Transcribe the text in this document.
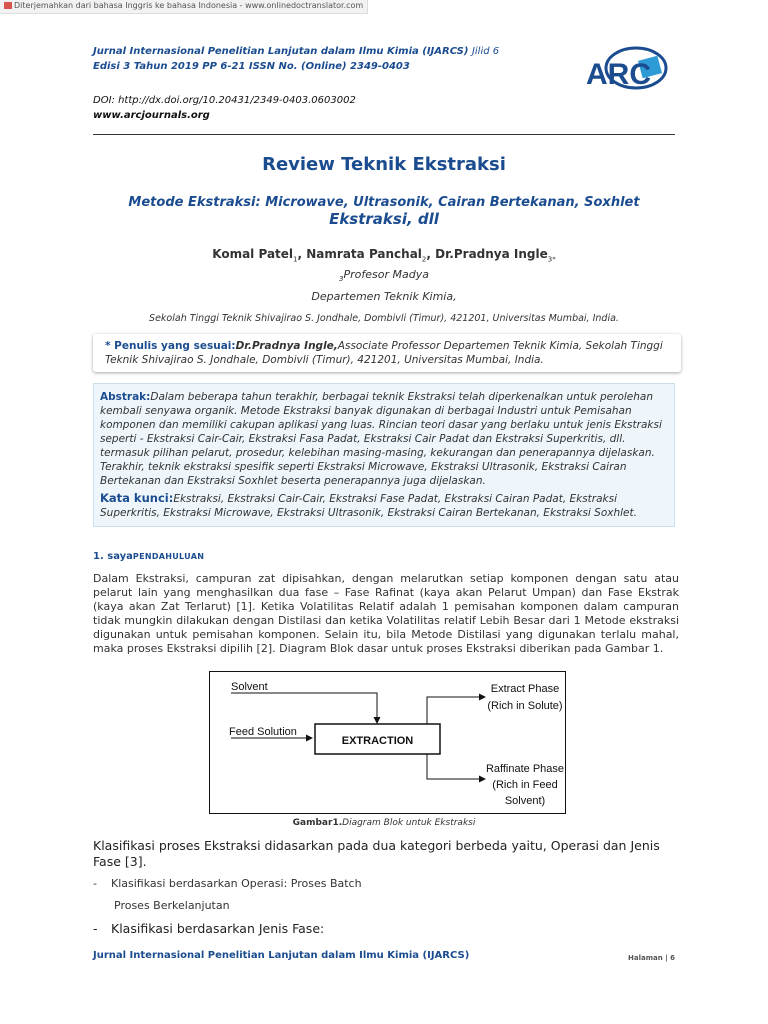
Diterjemahkan dari bahasa Inggris ke bahasa Indonesia - www.onlinedoctranslator.com
Jurnal Internasional Penelitian Lanjutan dalam Ilmu Kimia (IJARCS) Jilid 6
Edisi 3 Tahun 2019 PP 6-21 ISSN No. (Online) 2349-0403
DOI: http://dx.doi.org/10.20431/2349-0403.0603002
www.arcjournals.org
ARC
Review Teknik Ekstraksi
Metode Ekstraksi: Microwave, Ultrasonik, Cairan Bertekanan, Soxhlet
Ekstraksi, dll
Komal Patel$_1$, Namrata Panchal$_2$, Dr.Pradnya Ingle$_{3*}$
$_3$Profesor Madya
Departemen Teknik Kimia,
Sekolah Tinggi Teknik Shivajirao S. Jondhale, Dombivli (Timur), 421201, Universitas Mumbai, India.
* Penulis yang sesuai:Dr.Pradnya Ingle,Associate Professor Departemen Teknik Kimia, Sekolah Tinggi Teknik Shivajirao S. Jondhale, Dombivli (Timur), 421201, Universitas Mumbai, India.

Abstrak:Dalam beberapa tahun terakhir, berbagai teknik Ekstraksi telah diperkenalkan untuk perolehan kembali senyawa organik. Metode Ekstraksi banyak digunakan di berbagai Industri untuk Pemisahan komponen dan memiliki cakupan aplikasi yang luas. Rincian teori dasar yang berlaku untuk jenis Ekstraksi seperti - Ekstraksi Cair-Cair, Ekstraksi Fasa Padat, Ekstraksi Cair Padat dan Ekstraksi Superkritis, dll. termasuk pilihan pelarut, prosedur, kelebihan masing-masing, kekurangan dan penerapannya dijelaskan. Terakhir, teknik ekstraksi spesifik seperti Ekstraksi Microwave, Ekstraksi Ultrasonik, Ekstraksi Cairan Bertekanan dan Ekstraksi Soxhlet beserta penerapannya juga dijelaskan.

Kata kunci:Ekstraksi, Ekstraksi Cair-Cair, Ekstraksi Fase Padat, Ekstraksi Cairan Padat, Ekstraksi Superkritis, Ekstraksi Microwave, Ekstraksi Ultrasonik, Ekstraksi Cairan Bertekanan, Ekstraksi Soxhlet.

1. sayaPENDAHULUAN
Dalam Ekstraksi, campuran zat dipisahkan, dengan melarutkan setiap komponen dengan satu atau pelarut lain yang menghasilkan dua fase – Fase Rafinat (kaya akan Pelarut Umpan) dan Fase Ekstrak (kaya akan Zat Terlarut) [1]. Ketika Volatilitas Relatif adalah 1 pemisahan komponen dalam campuran tidak mungkin dilakukan dengan Distilasi dan ketika Volatilitas relatif Lebih Besar dari 1 Metode ekstraksi digunakan untuk pemisahan komponen. Selain itu, bila Metode Distilasi yang digunakan terlalu mahal, maka proses Ekstraksi dipilih [2]. Diagram Blok dasar untuk proses Ekstraksi diberikan pada Gambar 1.
EXTRACTION
Solvent
Feed Solution
Extract Phase
(Rich in Solute)
Raffinate Phase
(Rich in Feed
Solvent)
Gambar1.Diagram Blok untuk Ekstraksi
Klasifikasi proses Ekstraksi didasarkan pada dua kategori berbeda yaitu, Operasi dan Jenis Fase [3].
- Klasifikasi berdasarkan Operasi: Proses Batch
Proses Berkelanjutan
- Klasifikasi berdasarkan Jenis Fase:
Jurnal Internasional Penelitian Lanjutan dalam Ilmu Kimia (IJARCS)	Halaman | 6
